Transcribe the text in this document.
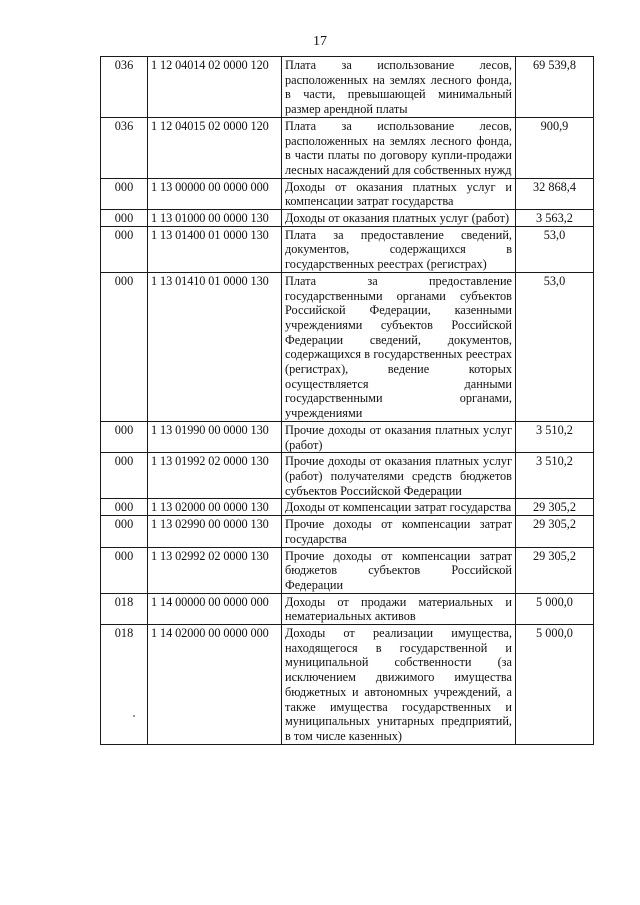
17
036	1 12 04014 02 0000 120	Плата за использование лесов, расположенных на землях лесного фонда, в части, превышающей минимальный размер арендной платы	69 539,8
036	1 12 04015 02 0000 120	Плата за использование лесов, расположенных на землях лесного фонда, в части платы по договору купли-продажи лесных насаждений для собственных нужд	900,9
000	1 13 00000 00 0000 000	Доходы от оказания платных услуг и компенсации затрат государства	32 868,4
000	1 13 01000 00 0000 130	Доходы от оказания платных услуг (работ)	3 563,2
000	1 13 01400 01 0000 130	Плата за предоставление сведений, документов, содержащихся в государственных реестрах (регистрах)	53,0
000	1 13 01410 01 0000 130	Плата за предоставление государственными органами субъектов Российской Федерации, казенными учреждениями субъектов Российской Федерации сведений, документов, содержащихся в государственных реестрах (регистрах), ведение которых осуществляется данными государственными органами, учреждениями	53,0
000	1 13 01990 00 0000 130	Прочие доходы от оказания платных услуг (работ)	3 510,2
000	1 13 01992 02 0000 130	Прочие доходы от оказания платных услуг (работ) получателями средств бюджетов субъектов Российской Федерации	3 510,2
000	1 13 02000 00 0000 130	Доходы от компенсации затрат государства	29 305,2
000	1 13 02990 00 0000 130	Прочие доходы от компенсации затрат государства	29 305,2
000	1 13 02992 02 0000 130	Прочие доходы от компенсации затрат бюджетов субъектов Российской Федерации	29 305,2
018	1 14 00000 00 0000 000	Доходы от продажи материальных и нематериальных активов	5 000,0
018	1 14 02000 00 0000 000	Доходы от реализации имущества, находящегося в государственной и муниципальной собственности (за исключением движимого имущества бюджетных и автономных учреждений, а также имущества государственных и муниципальных унитарных предприятий, в том числе казенных)	5 000,0
